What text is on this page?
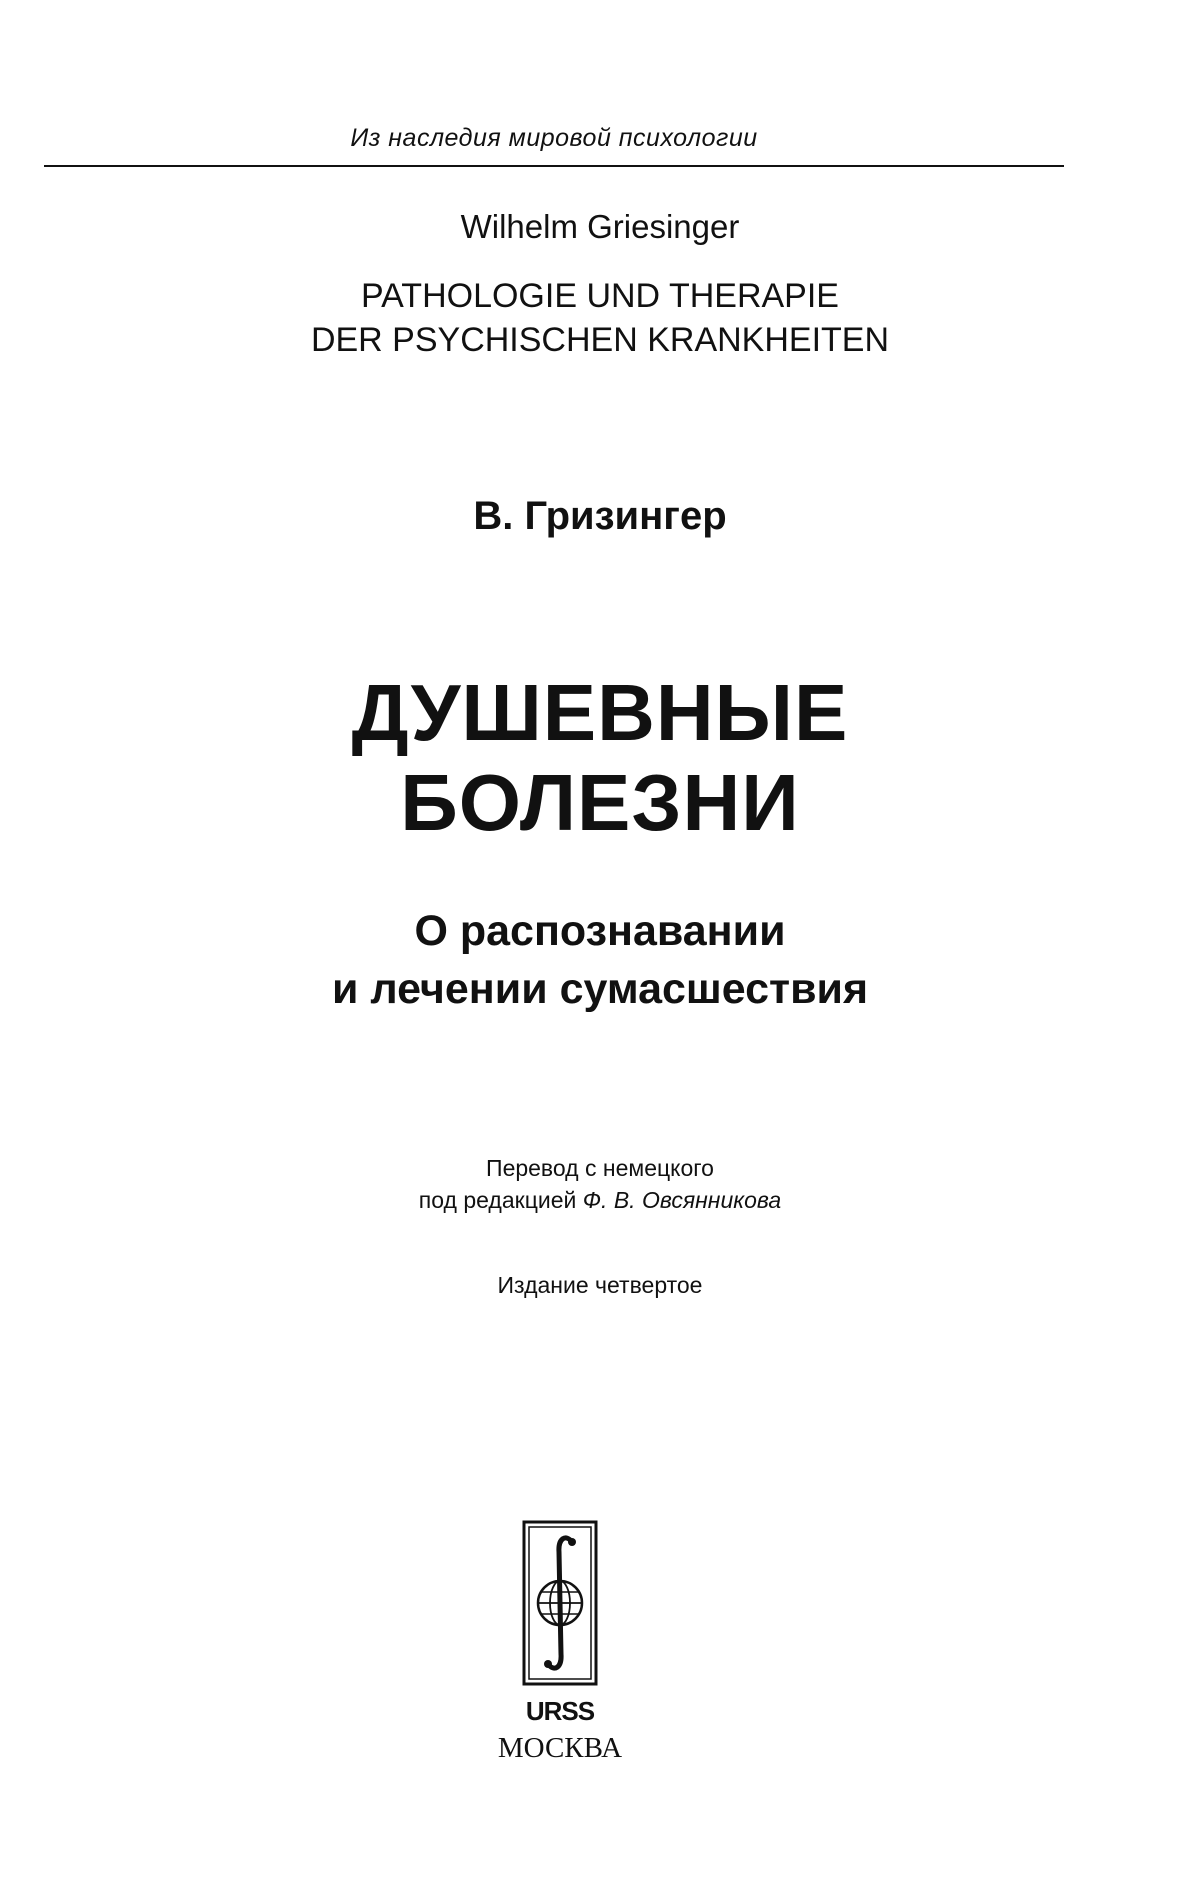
Из наследия мировой психологии
Wilhelm Griesinger
PATHOLOGIE UND THERAPIE
DER PSYCHISCHEN KRANKHEITEN
В. Гризингер
ДУШЕВНЫЕ
БОЛЕЗНИ
О распознавании
и лечении сумасшествия
Перевод с немецкого
под редакцией Ф. В. Овсянникова
Издание четвертое
URSS
МОСКВА
